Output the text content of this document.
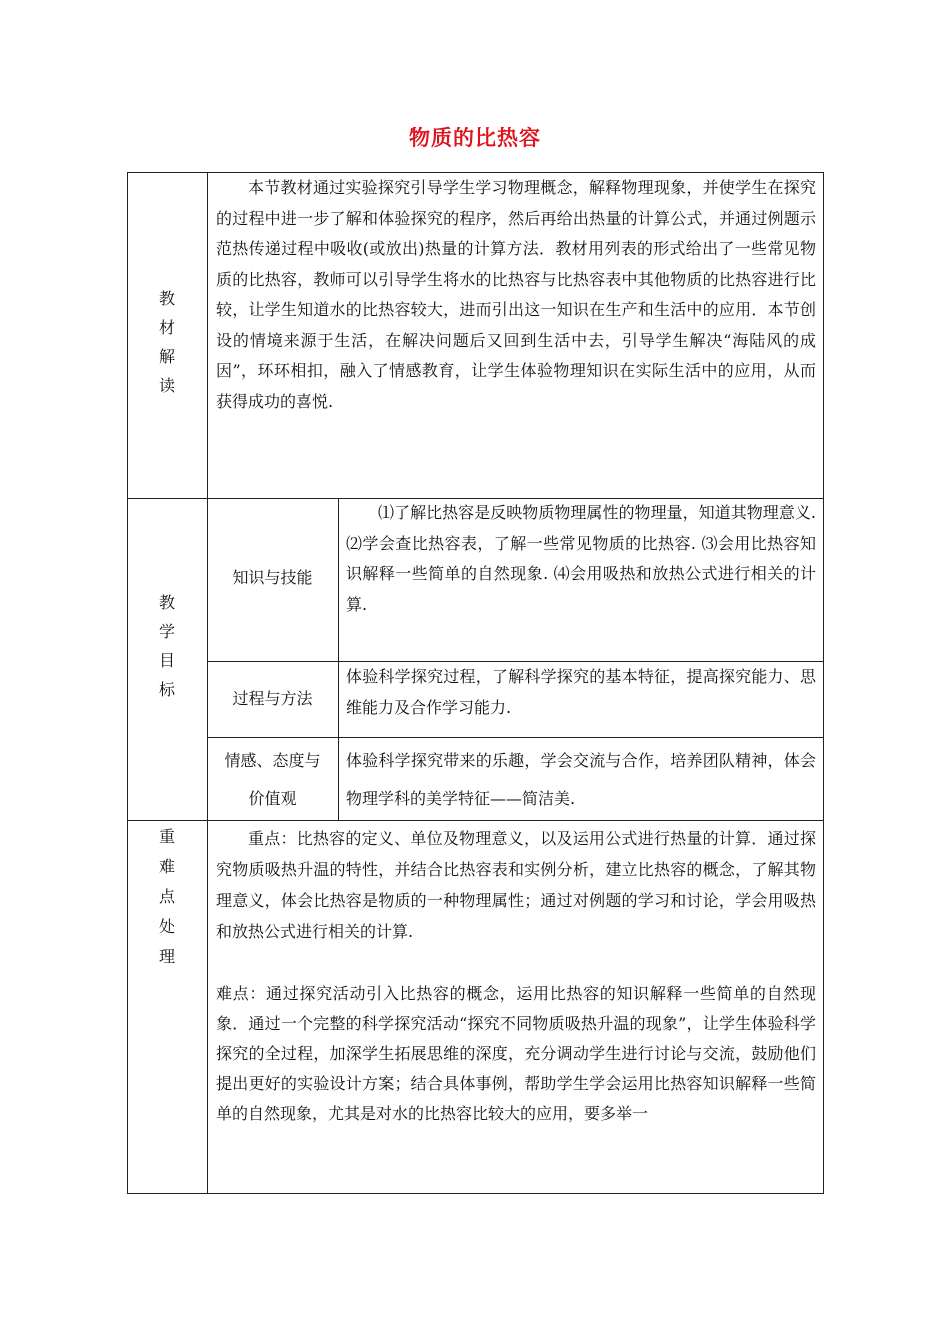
物质的比热容
教
材
解
读
本节教材通过实验探究引导学生学习物理概念，解释物理现象，并使学生在探究的过程中进一步了解和体验探究的程序，然后再给出热量的计算公式，并通过例题示范热传递过程中吸收(或放出)热量的计算方法．教材用列表的形式给出了一些常见物质的比热容，教师可以引导学生将水的比热容与比热容表中其他物质的比热容进行比较，让学生知道水的比热容较大，进而引出这一知识在生产和生活中的应用．本节创设的情境来源于生活，在解决问题后又回到生活中去，引导学生解决“海陆风的成因”，环环相扣，融入了情感教育，让学生体验物理知识在实际生活中的应用，从而获得成功的喜悦.
教
学
目
标
知识与技能
⑴了解比热容是反映物质物理属性的物理量，知道其物理意义. ⑵学会查比热容表，了解一些常见物质的比热容. ⑶会用比热容知识解释一些简单的自然现象. ⑷会用吸热和放热公式进行相关的计算.
过程与方法
体验科学探究过程，了解科学探究的基本特征，提高探究能力、思维能力及合作学习能力.
情感、态度与
价值观
体验科学探究带来的乐趣，学会交流与合作，培养团队精神，体会物理学科的美学特征——简洁美.
重
难
点
处
理
重点：比热容的定义、单位及物理意义，以及运用公式进行热量的计算．通过探究物质吸热升温的特性，并结合比热容表和实例分析，建立比热容的概念，了解其物理意义，体会比热容是物质的一种物理属性；通过对例题的学习和讨论，学会用吸热和放热公式进行相关的计算.
难点：通过探究活动引入比热容的概念，运用比热容的知识解释一些简单的自然现象．通过一个完整的科学探究活动“探究不同物质吸热升温的现象”，让学生体验科学探究的全过程，加深学生拓展思维的深度，充分调动学生进行讨论与交流，鼓励他们提出更好的实验设计方案；结合具体事例，帮助学生学会运用比热容知识解释一些简单的自然现象，尤其是对水的比热容比较大的应用，要多举一
